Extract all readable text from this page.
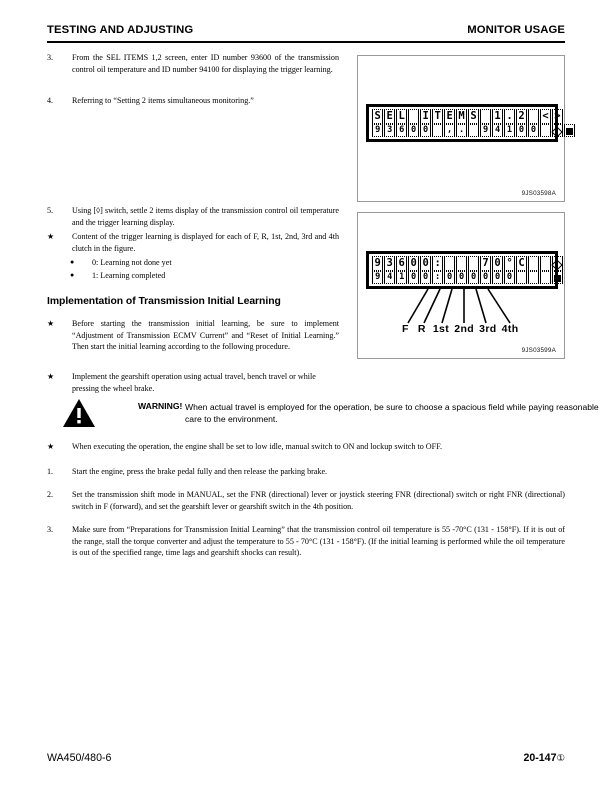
TESTING AND ADJUSTING	MONITOR USAGE
3.	From the SEL ITEMS 1,2 screen, enter ID number 93600 of the transmission control oil temperature and ID number 94100 for displaying the trigger learning.
4.	Referring to “Setting 2 items simultaneous monitoring.”
5.	Using [◊] switch, settle 2 items display of the transmission control oil temperature and the trigger learning display.
★	Content of the trigger learning is displayed for each of F, R, 1st, 2nd, 3rd and 4th clutch in the figure.
●	0: Learning not done yet
●	1: Learning completed
Implementation of Transmission Initial Learning
★	Before starting the transmission initial learning, be sure to implement “Adjustment of Transmission ECMV Current” and “Reset of Initial Learning.” Then start the initial learning according to the following procedure.
★	Implement the gearshift operation using actual travel, bench travel or while pressing the wheel brake.
WARNING! When actual travel is employed for the operation, be sure to choose a spacious field while paying reasonable care to the environment.
★	When executing the operation, the engine shall be set to low idle, manual switch to ON and lockup switch to OFF.
1.	Start the engine, press the brake pedal fully and then release the parking brake.
2.	Set the transmission shift mode in MANUAL, set the FNR (directional) lever or joystick steering FNR (directional) switch or right FNR (directional) switch in F (forward), and set the gearshift lever or gearshift switch in the 4th position.
3.	Make sure from “Preparations for Transmission Initial Learning” that the transmission control oil temperature is 55 -70°C (131 - 158°F). If it is out of the range, stall the torque converter and adjust the temperature to 55 - 70°C (131 - 158°F). (If the initial learning is performed while the oil temperature is out of the specified range, time lags and gearshift shocks can result).
S E L I T E M S 1 . 2 < >
9 3 6 0 0	, .	9 4 1 0 0
9JS03598A
9 3 6 0 0 :	7 0 ° C
9 4 1 0 0 : 0 0 0 0 0 0
F R 1st 2nd 3rd 4th
9JS03599A
WA450/480-6	20-147①
